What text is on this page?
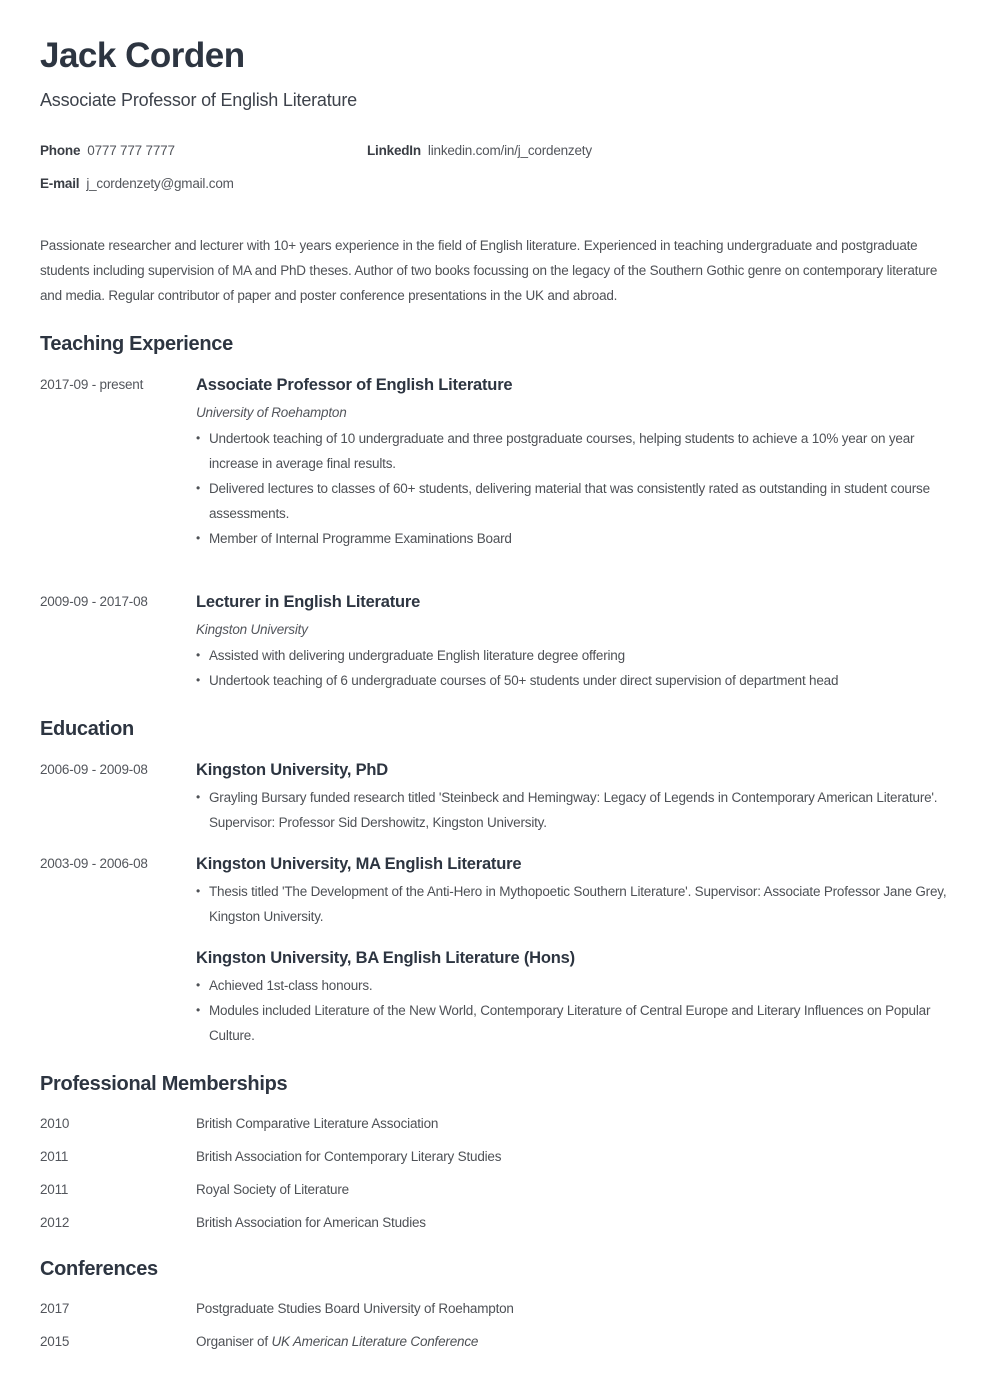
Jack Corden

Associate Professor of English Literature

Phone 0777 777 7777	LinkedIn linkedin.com/in/j_cordenzety
E-mail j_cordenzety@gmail.com

Passionate researcher and lecturer with 10+ years experience in the field of English literature. Experienced in teaching undergraduate and postgraduate students including supervision of MA and PhD theses. Author of two books focussing on the legacy of the Southern Gothic genre on contemporary literature and media. Regular contributor of paper and poster conference presentations in the UK and abroad.

Teaching Experience
2017-09 - present	Associate Professor of English Literature

University of Roehampton

• Undertook teaching of 10 undergraduate and three postgraduate courses, helping students to achieve a 10% year on year increase in average final results.
• Delivered lectures to classes of 60+ students, delivering material that was consistently rated as outstanding in student course assessments.
• Member of Internal Programme Examinations Board
2009-09 - 2017-08	Lecturer in English Literature

Kingston University

• Assisted with delivering undergraduate English literature degree offering
• Undertook teaching of 6 undergraduate courses of 50+ students under direct supervision of department head
Education
2006-09 - 2009-08	Kingston University, PhD
• Grayling Bursary funded research titled 'Steinbeck and Hemingway: Legacy of Legends in Contemporary American Literature'. Supervisor: Professor Sid Dershowitz, Kingston University.
2003-09 - 2006-08	Kingston University, MA English Literature
• Thesis titled 'The Development of the Anti-Hero in Mythopoetic Southern Literature'. Supervisor: Associate Professor Jane Grey, Kingston University.
Kingston University, BA English Literature (Hons)
• Achieved 1st-class honours.
• Modules included Literature of the New World, Contemporary Literature of Central Europe and Literary Influences on Popular Culture.
Professional Memberships
2010	British Comparative Literature Association
2011	British Association for Contemporary Literary Studies
2011	Royal Society of Literature
2012	British Association for American Studies
Conferences
2017	Postgraduate Studies Board University of Roehampton
2015	Organiser of UK American Literature Conference
